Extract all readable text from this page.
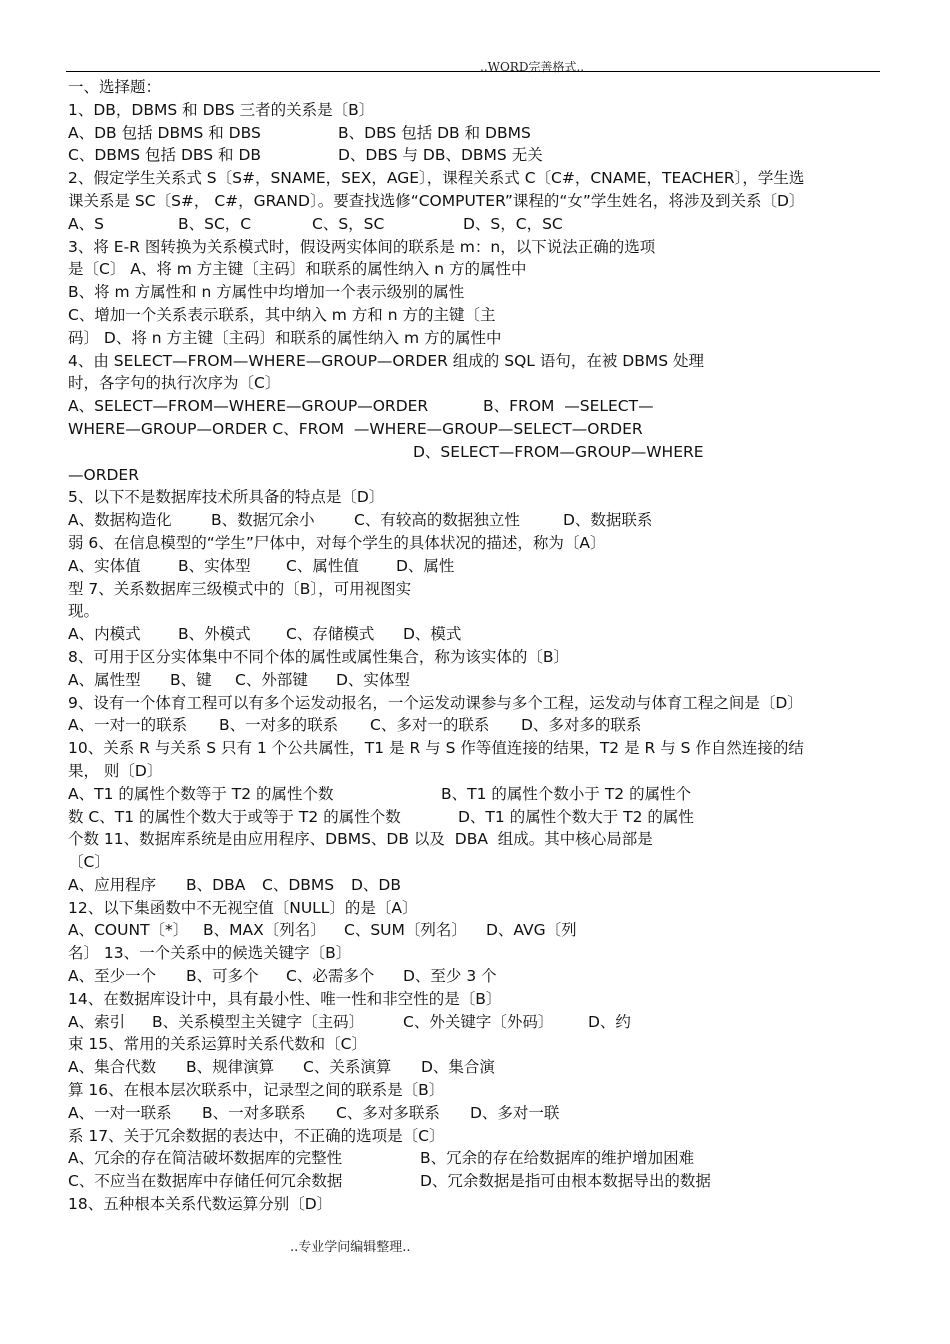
..WORD完善格式..
一、选择题：
1、DB，DBMS 和 DBS 三者的关系是〔B〕
A、DB 包括 DBMS 和 DBS	B、DBS 包括 DB 和 DBMS
C、DBMS 包括 DBS 和 DB	D、DBS 与 DB、DBMS 无关
2、假定学生关系式 S〔S#，SNAME，SEX，AGE〕，课程关系式 C〔C#，CNAME，TEACHER〕，学生选
课关系是 SC〔S#， C#，GRAND〕。要查找选修“COMPUTER”课程的“女”学生姓名，将涉及到关系〔D〕
A、S	B、SC，C	C、S，SC	D、S，C，SC
3、将 E-R 图转换为关系模式时，假设两实体间的联系是 m：n，以下说法正确的选项
是〔C〕 A、将 m 方主键〔主码〕和联系的属性纳入 n 方的属性中
B、将 m 方属性和 n 方属性中均增加一个表示级别的属性
C、增加一个关系表示联系，其中纳入 m 方和 n 方的主键〔主
码〕 D、将 n 方主键〔主码〕和联系的属性纳入 m 方的属性中
4、由 SELECT—FROM—WHERE—GROUP—ORDER 组成的 SQL 语句，在被 DBMS 处理
时，各字句的执行次序为〔C〕
A、SELECT—FROM—WHERE—GROUP—ORDER	B、FROM  —SELECT—
WHERE—GROUP—ORDER C、FROM  —WHERE—GROUP—SELECT—ORDER
D、SELECT—FROM—GROUP—WHERE
—ORDER
5、以下不是数据库技术所具备的特点是〔D〕
A、数据构造化	B、数据冗余小	C、有较高的数据独立性	D、数据联系
弱 6、在信息模型的“学生”尸体中，对每个学生的具体状况的描述，称为〔A〕
A、实体值 B、实体型 C、属性值 D、属性
型 7、关系数据库三级模式中的〔B〕，可用视图实
现。
A、内模式 B、外模式 C、存储模式 D、模式
8、可用于区分实体集中不同个体的属性或属性集合，称为该实体的〔B〕
A、属性型 B、键 C、外部键 D、实体型
9、设有一个体育工程可以有多个运发动报名，一个运发动课参与多个工程，运发动与体育工程之间是〔D〕
A、一对一的联系 B、一对多的联系 C、多对一的联系 D、多对多的联系
10、关系 R 与关系 S 只有 1 个公共属性，T1 是 R 与 S 作等值连接的结果，T2 是 R 与 S 作自然连接的结
果， 则〔D〕
A、T1 的属性个数等于 T2 的属性个数	B、T1 的属性个数小于 T2 的属性个
数 C、T1 的属性个数大于或等于 T2 的属性个数	D、T1 的属性个数大于 T2 的属性
个数 11、数据库系统是由应用程序、DBMS、DB 以及  DBA  组成。其中核心局部是
〔C〕
A、应用程序 B、DBA C、DBMS D、DB
12、以下集函数中不无视空值〔NULL〕的是〔A〕
A、COUNT〔*〕 B、MAX〔列名〕 C、SUM〔列名〕 D、AVG〔列
名〕 13、一个关系中的候选关键字〔B〕
A、至少一个 B、可多个 C、必需多个 D、至少 3 个
14、在数据库设计中，具有最小性、唯一性和非空性的是〔B〕
A、索引 B、关系模型主关键字〔主码〕	C、外关键字〔外码〕 D、约
束 15、常用的关系运算时关系代数和〔C〕
A、集合代数 B、规律演算 C、关系演算 D、集合演
算 16、在根本层次联系中，记录型之间的联系是〔B〕
A、一对一联系 B、一对多联系 C、多对多联系 D、多对一联
系 17、关于冗余数据的表达中，不正确的选项是〔C〕
A、冗余的存在简洁破坏数据库的完整性	B、冗余的存在给数据库的维护增加困难
C、不应当在数据库中存储任何冗余数据	D、冗余数据是指可由根本数据导出的数据
18、五种根本关系代数运算分别〔D〕
..专业学问编辑整理..
